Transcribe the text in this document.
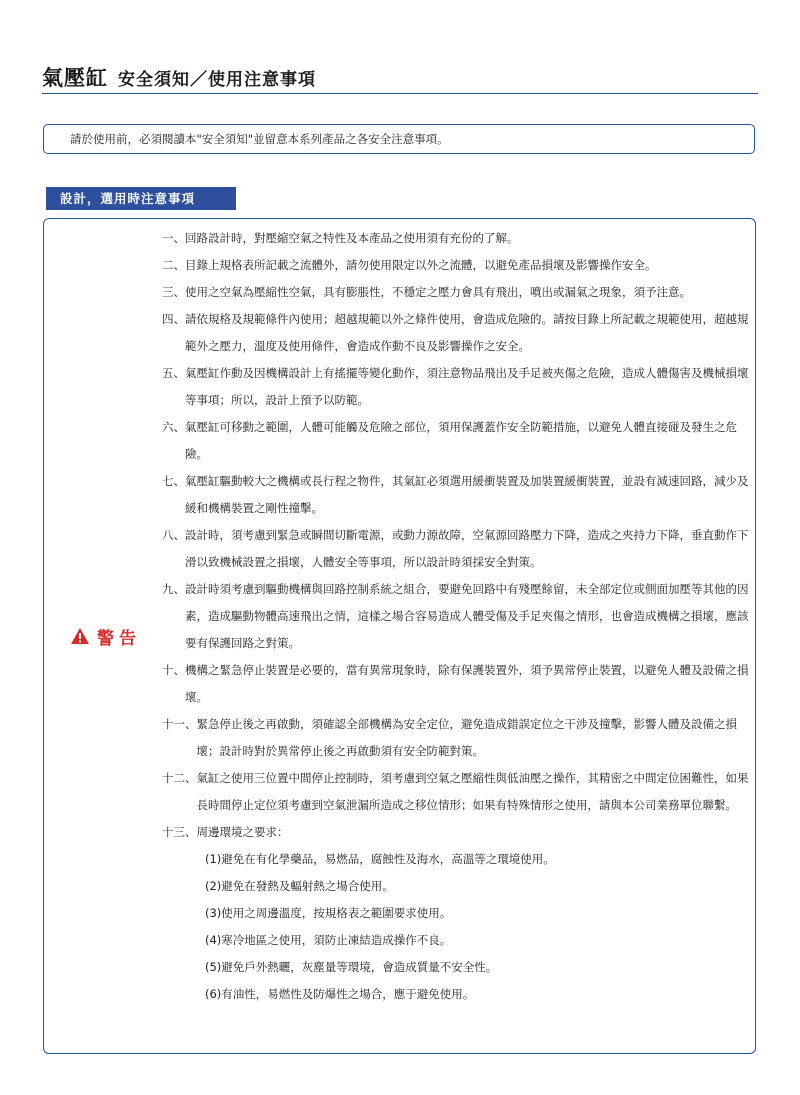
氣壓缸 安全須知／使用注意事項
請於使用前，必須閱讀本"安全須知"並留意本系列產品之各安全注意事項。
設計，選用時注意事項
警告
一、 回路設計時，對壓縮空氣之特性及本產品之使用須有充份的了解。
二、 目錄上規格表所記載之流體外，請勿使用限定以外之流體，以避免產品損壞及影響操作安全。
三、 使用之空氣為壓縮性空氣，具有膨脹性，不穩定之壓力會具有飛出，噴出或漏氣之現象，須予注意。
四、 請依規格及規範條件內使用；超越規範以外之條件使用，會造成危險的。請按目錄上所記載之規範使用，超越規範外之壓力，溫度及使用條件，會造成作動不良及影響操作之安全。
五、 氣壓缸作動及因機構設計上有搖擺等變化動作，須注意物品飛出及手足被夾傷之危險，造成人體傷害及機械損壞等事項；所以，設計上預予以防範。
六、 氣壓缸可移動之範圍，人體可能觸及危險之部位，須用保護蓋作安全防範措施，以避免人體直接碰及發生之危險。
七、 氣壓缸驅動較大之機構或長行程之物件，其氣缸必須選用緩衝裝置及加裝置緩衝裝置，並設有減速回路，減少及緩和機構裝置之剛性撞擊。
八、 設計時，須考慮到緊急或瞬間切斷電源，或動力源故障，空氣源回路壓力下降，造成之夾持力下降，垂直動作下滑以致機械設置之損壞，人體安全等事項，所以設計時須採安全對策。
九、 設計時須考慮到驅動機構與回路控制系統之組合，要避免回路中有殘壓餘留，未全部定位或側面加壓等其他的因素，造成驅動物體高速飛出之情，這樣之場合容易造成人體受傷及手足夾傷之情形，也會造成機構之損壞，應該要有保護回路之對策。
十、 機構之緊急停止裝置是必要的，當有異常現象時，除有保護裝置外，須予異常停止裝置，以避免人體及設備之損壞。
十一、 緊急停止後之再啟動，須確認全部機構為安全定位，避免造成錯誤定位之干涉及撞擊，影響人體及設備之損壞；設計時對於異常停止後之再啟動須有安全防範對策。
十二、 氣缸之使用三位置中間停止控制時，須考慮到空氣之壓縮性與低油壓之操作，其精密之中間定位困難性，如果長時間停止定位須考慮到空氣泄漏所造成之移位情形；如果有特殊情形之使用，請與本公司業務單位聯繫。
十三、 周邊環境之要求：
(1)避免在有化學藥品，易燃品，腐蝕性及海水，高溫等之環境使用。
(2)避免在發熱及輻射熱之場合使用。
(3)使用之周邊溫度，按規格表之範圍要求使用。
(4)寒冷地區之使用，須防止凍結造成操作不良。
(5)避免戶外熱曬，灰塵量等環境，會造成質量不安全性。
(6)有油性，易燃性及防爆性之場合，應于避免使用。
